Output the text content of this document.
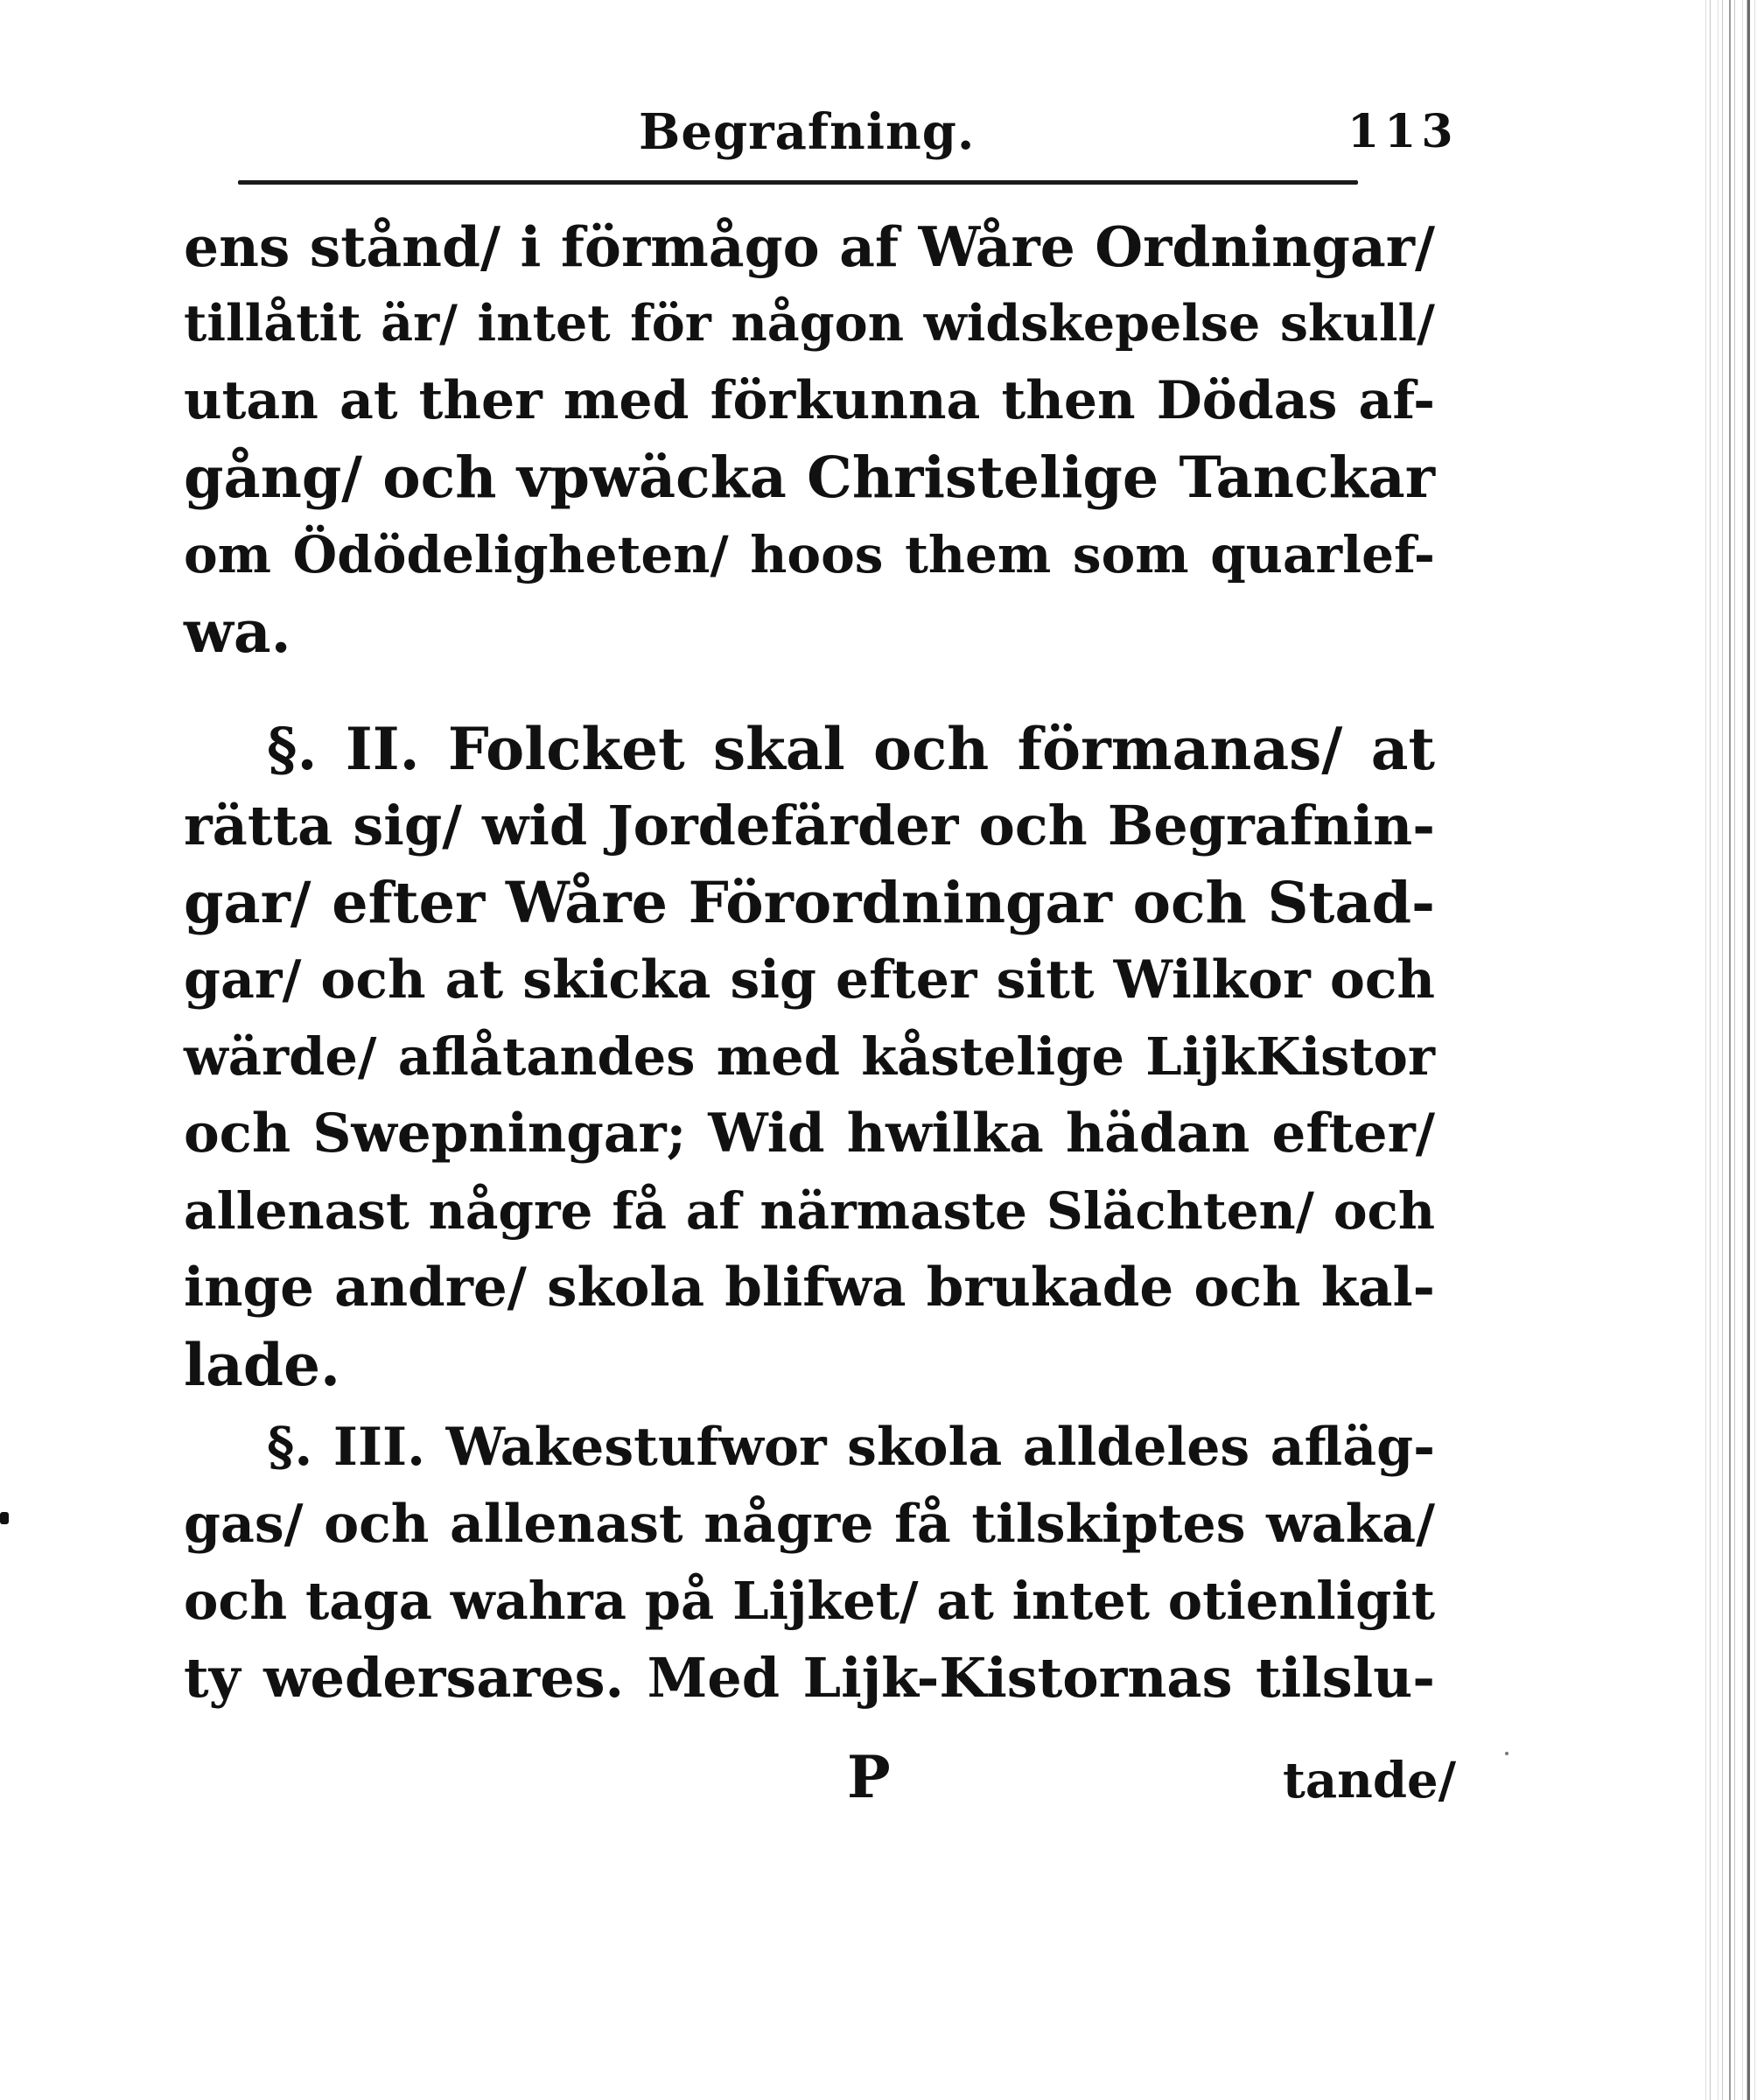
Begrafning.	113
ens stånd/ i förmågo af Wåre Ordningar/
tillåtit är/ intet för någon widskepelse skull/
utan at ther med förkunna then Dödas af-
gång/ och vpwäcka Christelige Tanckar
om Ödödeligheten/ hoos them som quarlef-
wa.
§. II. Folcket skal och förmanas/ at
rätta sig/ wid Jordefärder och Begrafnin-
gar/ efter Wåre Förordningar och Stad-
gar/ och at skicka sig efter sitt Wilkor och
wärde/ aflåtandes med kåstelige LijkKistor
och Swepningar; Wid hwilka hädan efter/
allenast någre få af närmaste Slächten/ och
inge andre/ skola blifwa brukade och kal-
lade.
§. III. Wakestufwor skola alldeles afläg-
gas/ och allenast någre få tilskiptes waka/
och taga wahra på Lijket/ at intet otienligit
ty wedersares. Med Lijk-Kistornas tilslu-
P	tande/
